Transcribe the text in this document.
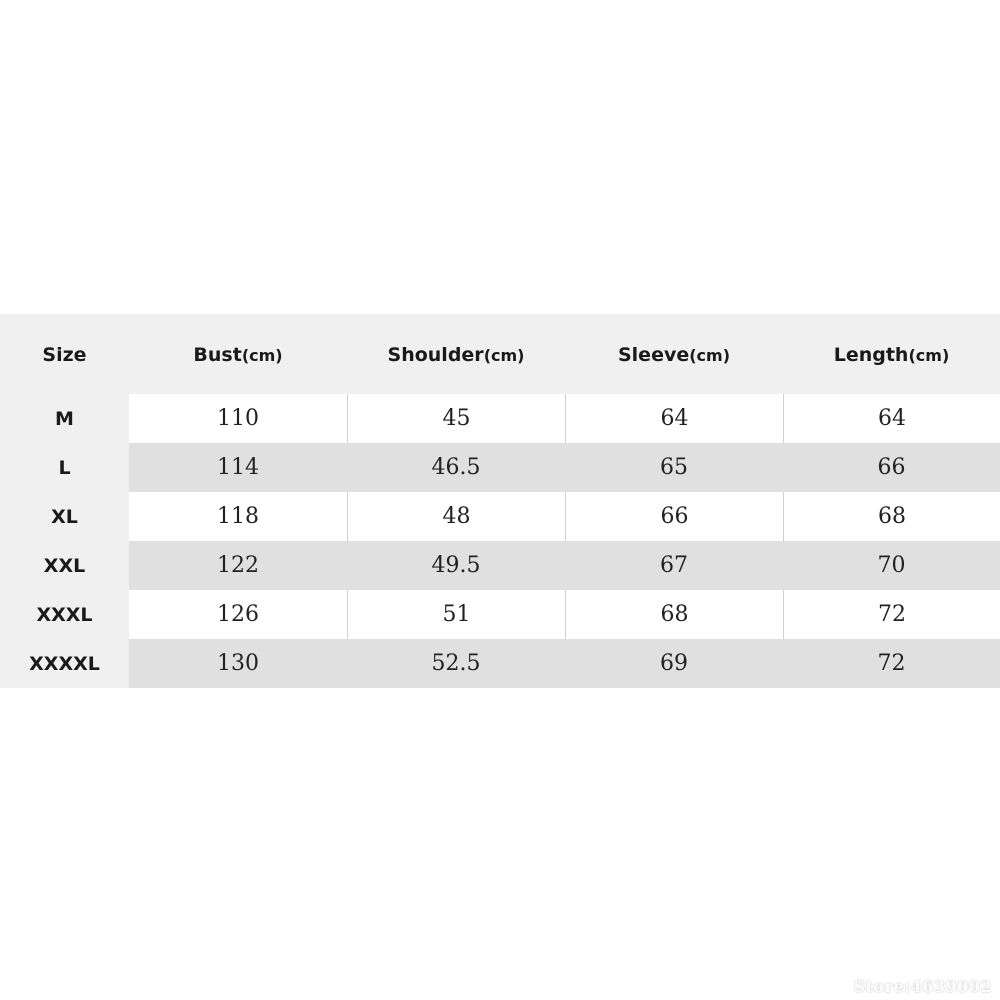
Size	Bust (cm)	Shoulder (cm)	Sleeve (cm)	Length (cm)
M	110	45	64	64
L	114	46.5	65	66
XL	118	48	66	68
XXL	122	49.5	67	70
XXXL	126	51	68	72
XXXXL	130	52.5	69	72
Store:4639002
